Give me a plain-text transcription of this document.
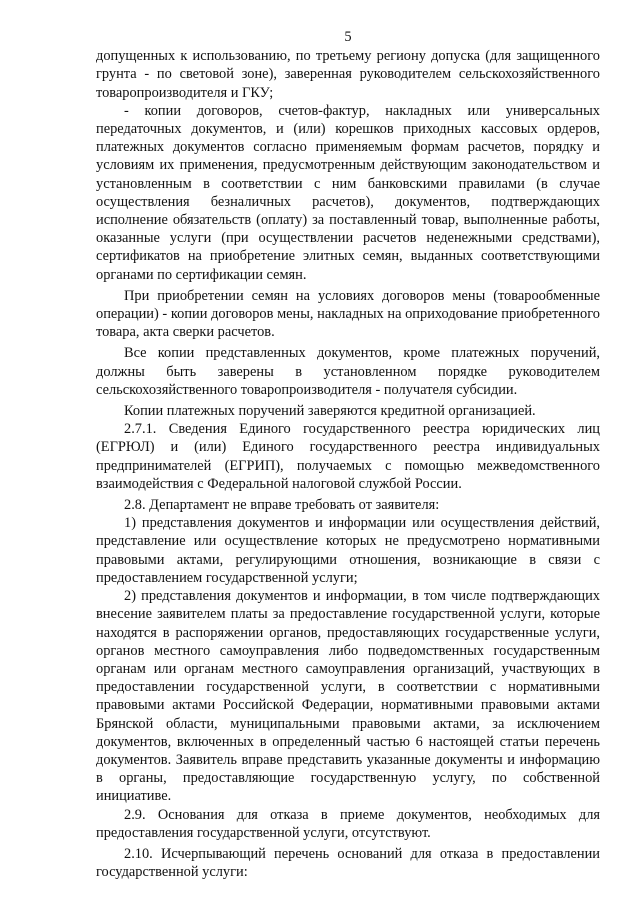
5

допущенных к использованию, по третьему региону допуска (для защищенного грунта - по световой зоне), заверенная руководителем сельскохозяйственного товаропроизводителя и ГКУ;

- копии договоров, счетов-фактур, накладных или универсальных передаточных документов, и (или) корешков приходных кассовых ордеров, платежных документов согласно применяемым формам расчетов, порядку и условиям их применения, предусмотренным действующим законодательством и установленным в соответствии с ним банковскими правилами (в случае осуществления безналичных расчетов), документов, подтверждающих исполнение обязательств (оплату) за поставленный товар, выполненные работы, оказанные услуги (при осуществлении расчетов неденежными средствами), сертификатов на приобретение элитных семян, выданных соответствующими органами по сертификации семян.

При приобретении семян на условиях договоров мены (товарообменные операции) - копии договоров мены, накладных на оприходование приобретенного товара, акта сверки расчетов.

Все копии представленных документов, кроме платежных поручений, должны быть заверены в установленном порядке руководителем сельскохозяйственного товаропроизводителя - получателя субсидии.

Копии платежных поручений заверяются кредитной организацией.

2.7.1. Сведения Единого государственного реестра юридических лиц (ЕГРЮЛ) и (или) Единого государственного реестра индивидуальных предпринимателей (ЕГРИП), получаемых с помощью межведомственного взаимодействия с Федеральной налоговой службой России.

2.8. Департамент не вправе требовать от заявителя:

1) представления документов и информации или осуществления действий, представление или осуществление которых не предусмотрено нормативными правовыми актами, регулирующими отношения, возникающие в связи с предоставлением государственной услуги;

2) представления документов и информации, в том числе подтверждающих внесение заявителем платы за предоставление государственной услуги, которые находятся в распоряжении органов, предоставляющих государственные услуги, органов местного самоуправления либо подведомственных государственным органам или органам местного самоуправления организаций, участвующих в предоставлении государственной услуги, в соответствии с нормативными правовыми актами Российской Федерации, нормативными правовыми актами Брянской области, муниципальными правовыми актами, за исключением документов, включенных в определенный частью 6 настоящей статьи перечень документов. Заявитель вправе представить указанные документы и информацию в органы, предоставляющие государственную услугу, по собственной инициативе.

2.9. Основания для отказа в приеме документов, необходимых для предоставления государственной услуги, отсутствуют.

2.10. Исчерпывающий перечень оснований для отказа в предоставлении государственной услуги:
